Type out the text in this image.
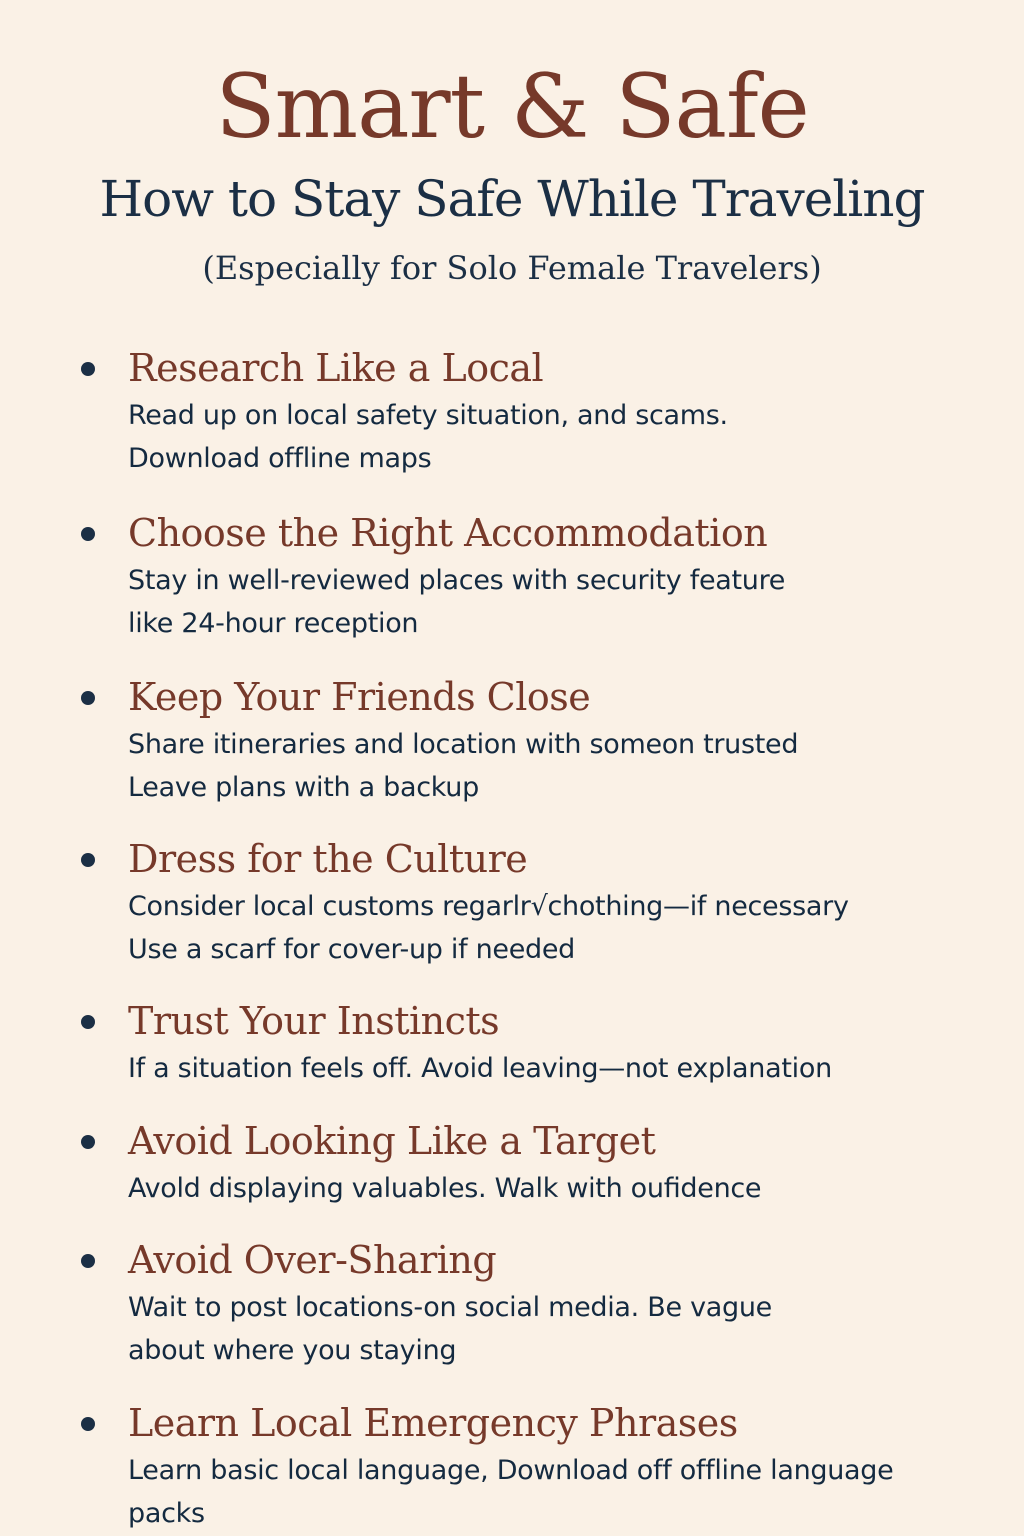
Smart & Safe
How to Stay Safe While Traveling
(Especially for Solo Female Travelers)
Research Like a Local

Read up on local safety situation, and scams.
Download offline maps

Choose the Right Accommodation

Stay in well-reviewed places with security feature
like 24-hour reception

Keep Your Friends Close

Share itineraries and location with someon trusted
Leave plans with a backup

Dress for the Culture

Consider local customs regarlr√chothing—if necessary
Use a scarf for cover-up if needed

Trust Your Instincts

If a situation feels off. Avoid leaving—not explanation

Avoid Looking Like a Target

Avold displaying valuables. Walk with ouﬁdence

Avoid Over-Sharing

Wait to post locations-on social media. Be vague
about where you staying

Learn Local Emergency Phrases

Learn basic local language, Download off offline language
packs
